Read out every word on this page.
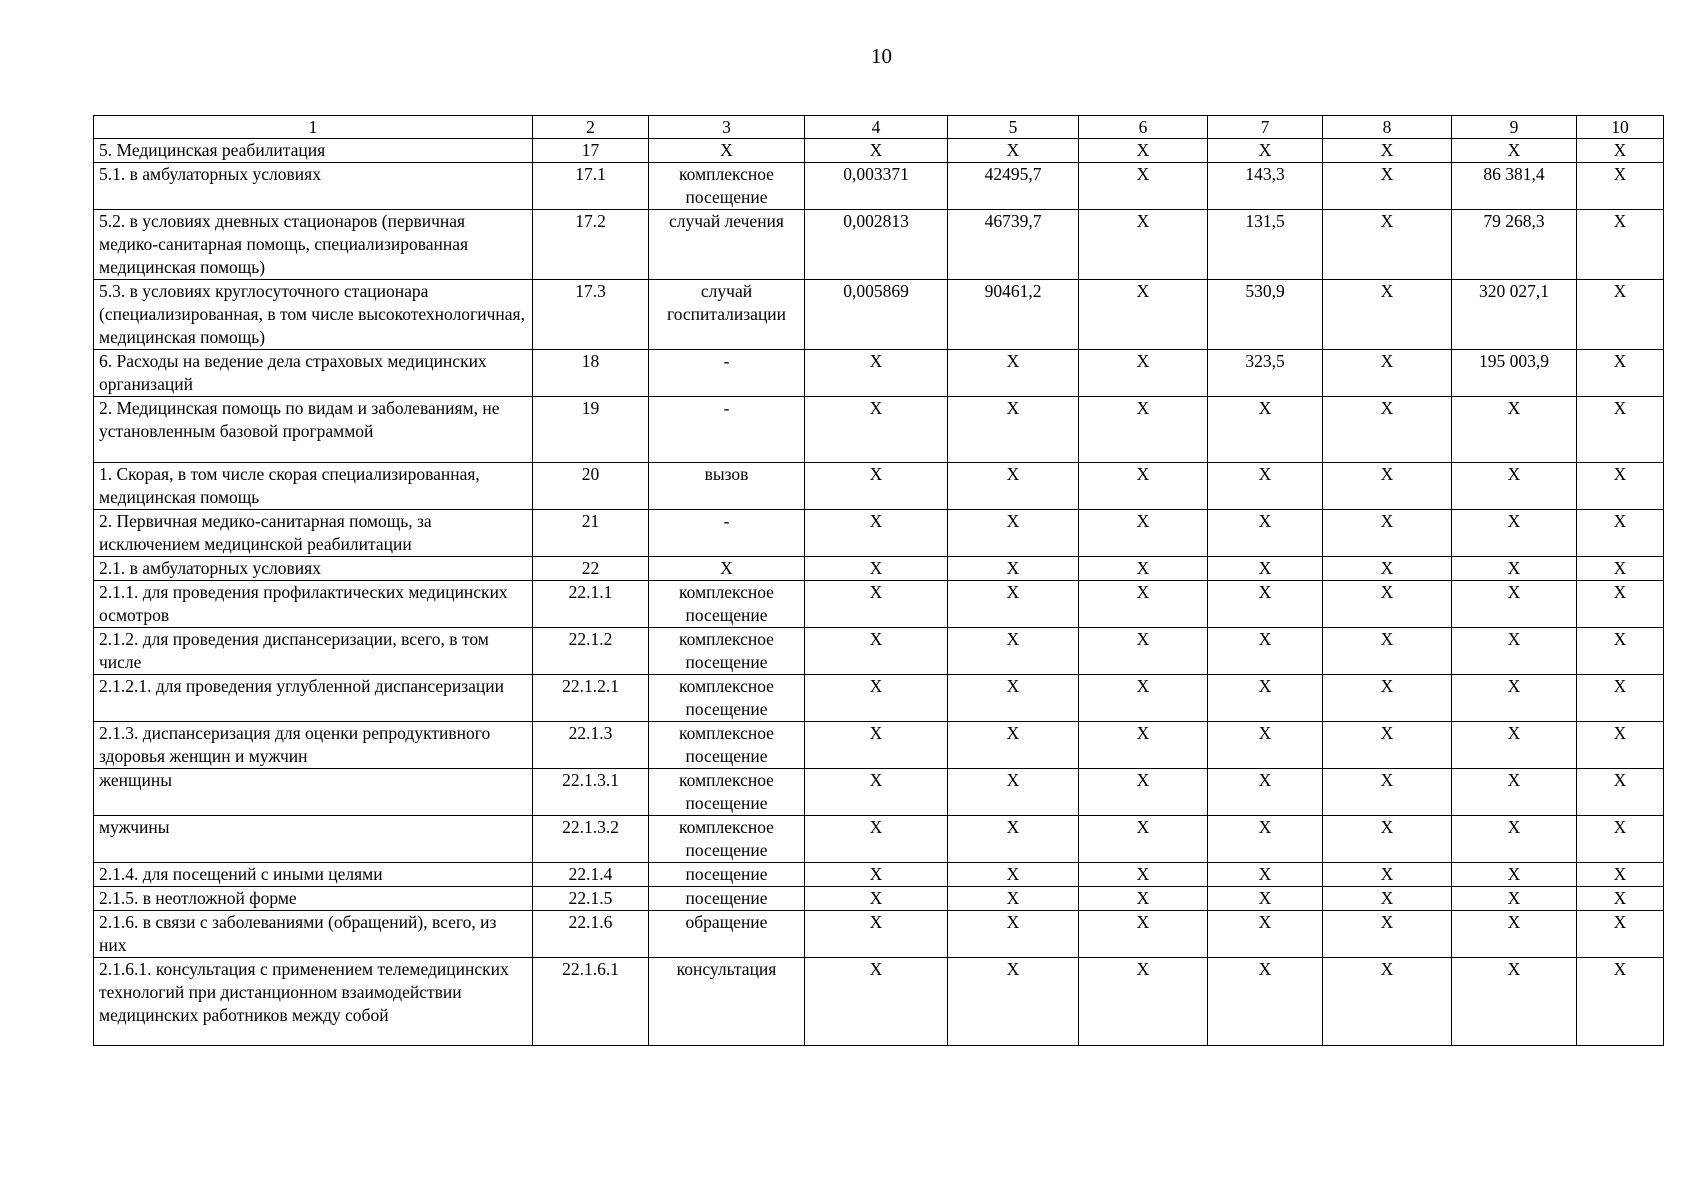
10
1	2	3	4	5	6	7	8	9	10
5. Медицинская реабилитация	17	Х	Х	Х	Х	Х	Х	Х	Х
5.1. в амбулаторных условиях	17.1	комплексное посещение	0,003371	42495,7	Х	143,3	Х	86 381,4	Х
5.2. в условиях дневных стационаров (первичная медико-санитарная помощь, специализированная медицинская помощь)	17.2	случай лечения	0,002813	46739,7	Х	131,5	Х	79 268,3	Х
5.3. в условиях круглосуточного стационара (специализированная, в том числе высокотехнологичная, медицинская помощь)	17.3	случай госпитализации	0,005869	90461,2	Х	530,9	Х	320 027,1	Х
6. Расходы на ведение дела страховых медицинских организаций	18	-	Х	Х	Х	323,5	Х	195 003,9	Х
2. Медицинская помощь по видам и заболеваниям, не установленным базовой программой	19	-	Х	Х	Х	Х	Х	Х	Х
1. Скорая, в том числе скорая специализированная, медицинская помощь	20	вызов	Х	Х	Х	Х	Х	Х	Х
2. Первичная медико-санитарная помощь, за исключением медицинской реабилитации	21	-	Х	Х	Х	Х	Х	Х	Х
2.1. в амбулаторных условиях	22	Х	Х	Х	Х	Х	Х	Х	Х
2.1.1. для проведения профилактических медицинских осмотров	22.1.1	комплексное посещение	Х	Х	Х	Х	Х	Х	Х
2.1.2. для проведения диспансеризации, всего, в том числе	22.1.2	комплексное посещение	Х	Х	Х	Х	Х	Х	Х
2.1.2.1. для проведения углубленной диспансеризации	22.1.2.1	комплексное посещение	Х	Х	Х	Х	Х	Х	Х
2.1.3. диспансеризация для оценки репродуктивного здоровья женщин и мужчин	22.1.3	комплексное посещение	Х	Х	Х	Х	Х	Х	Х
женщины	22.1.3.1	комплексное посещение	Х	Х	Х	Х	Х	Х	Х
мужчины	22.1.3.2	комплексное посещение	Х	Х	Х	Х	Х	Х	Х
2.1.4. для посещений с иными целями	22.1.4	посещение	Х	Х	Х	Х	Х	Х	Х
2.1.5. в неотложной форме	22.1.5	посещение	Х	Х	Х	Х	Х	Х	Х
2.1.6. в связи с заболеваниями (обращений), всего, из них	22.1.6	обращение	Х	Х	Х	Х	Х	Х	Х
2.1.6.1. консультация с применением телемедицинских технологий при дистанционном взаимодействии медицинских работников между собой	22.1.6.1	консультация	Х	Х	Х	Х	Х	Х	Х
